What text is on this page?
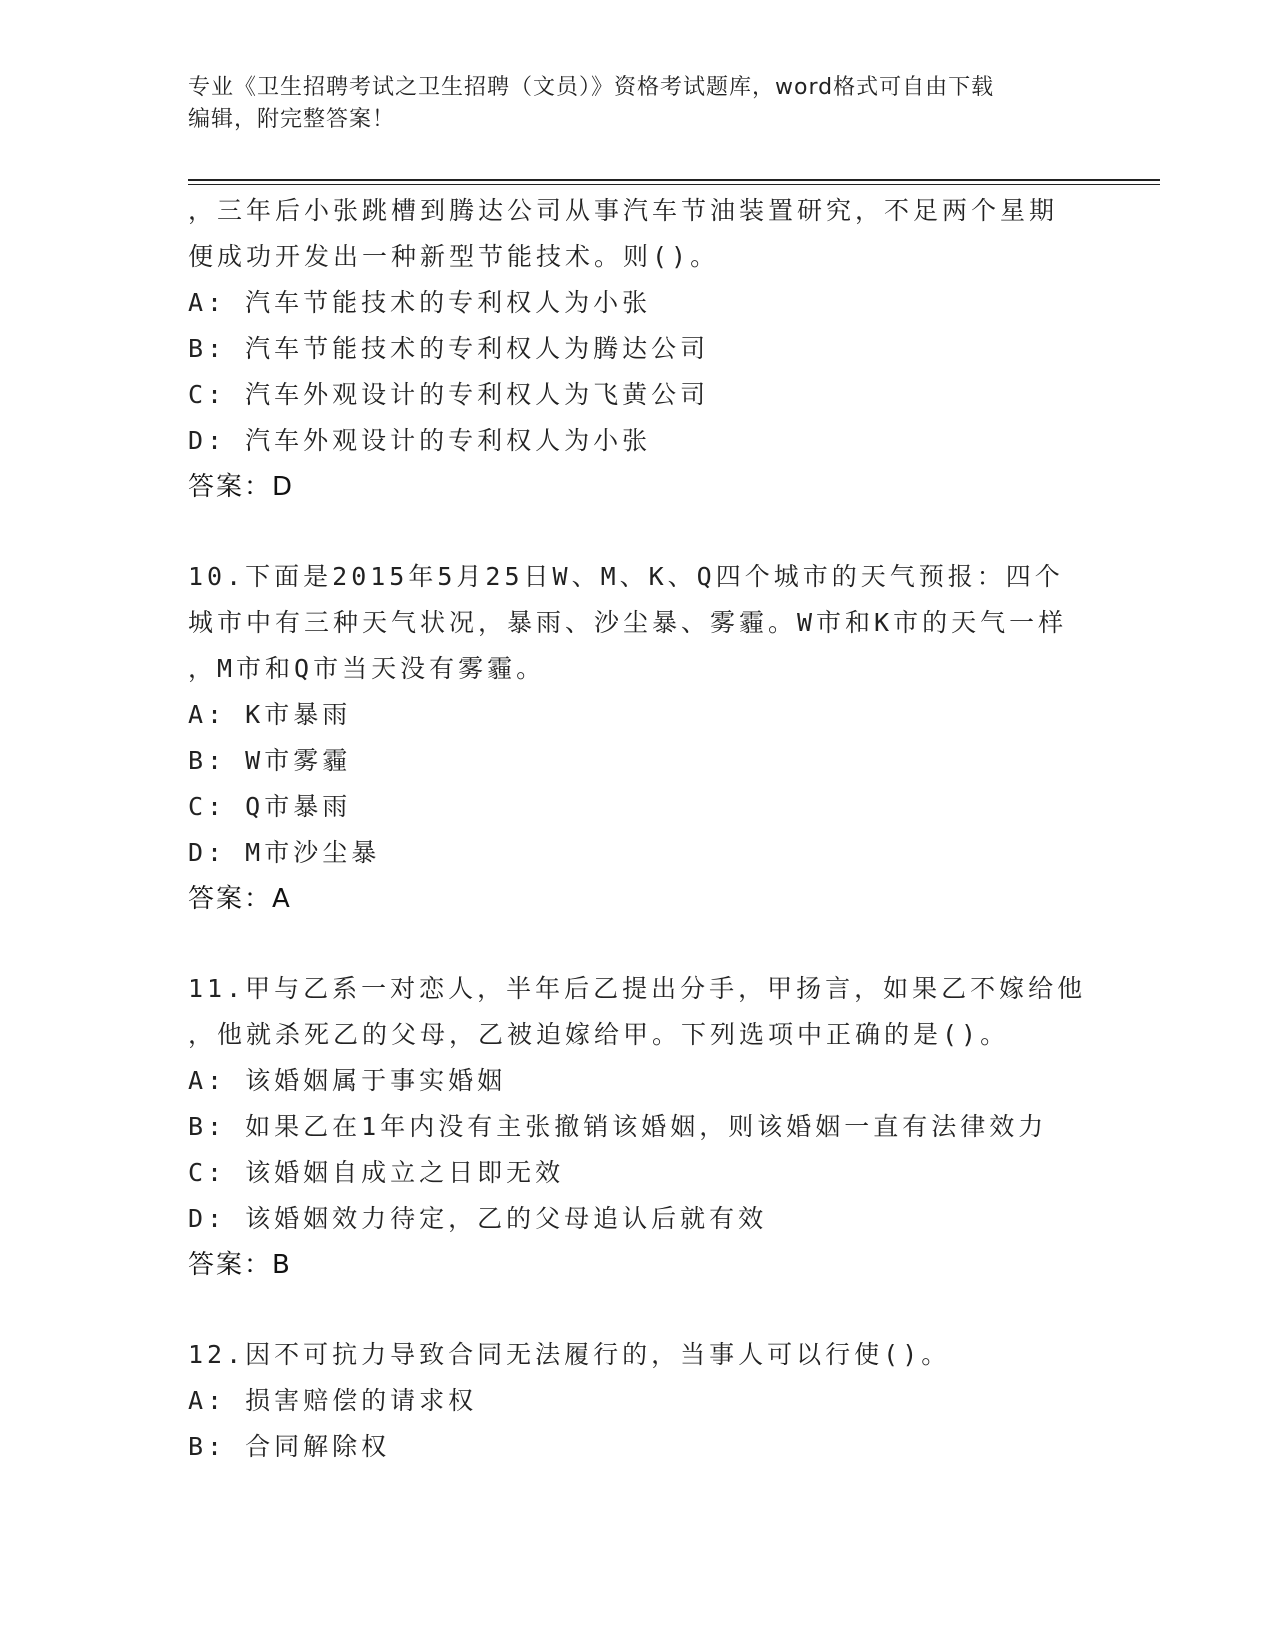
专业《卫生招聘考试之卫生招聘（文员）》资格考试题库，word格式可自由下载
编辑，附完整答案！
，三年后小张跳槽到腾达公司从事汽车节油装置研究，不足两个星期
便成功开发出一种新型节能技术。则()。
A: 汽车节能技术的专利权人为小张
B: 汽车节能技术的专利权人为腾达公司
C: 汽车外观设计的专利权人为飞黄公司
D: 汽车外观设计的专利权人为小张
答案：D
10.下面是2015年5月25日W、M、K、Q四个城市的天气预报：四个
城市中有三种天气状况，暴雨、沙尘暴、雾霾。W市和K市的天气一样
，M市和Q市当天没有雾霾。
A: K市暴雨
B: W市雾霾
C: Q市暴雨
D: M市沙尘暴
答案：A
11.甲与乙系一对恋人，半年后乙提出分手，甲扬言，如果乙不嫁给他
，他就杀死乙的父母，乙被迫嫁给甲。下列选项中正确的是()。
A: 该婚姻属于事实婚姻
B: 如果乙在1年内没有主张撤销该婚姻，则该婚姻一直有法律效力
C: 该婚姻自成立之日即无效
D: 该婚姻效力待定，乙的父母追认后就有效
答案：B
12.因不可抗力导致合同无法履行的，当事人可以行使()。
A: 损害赔偿的请求权
B: 合同解除权
